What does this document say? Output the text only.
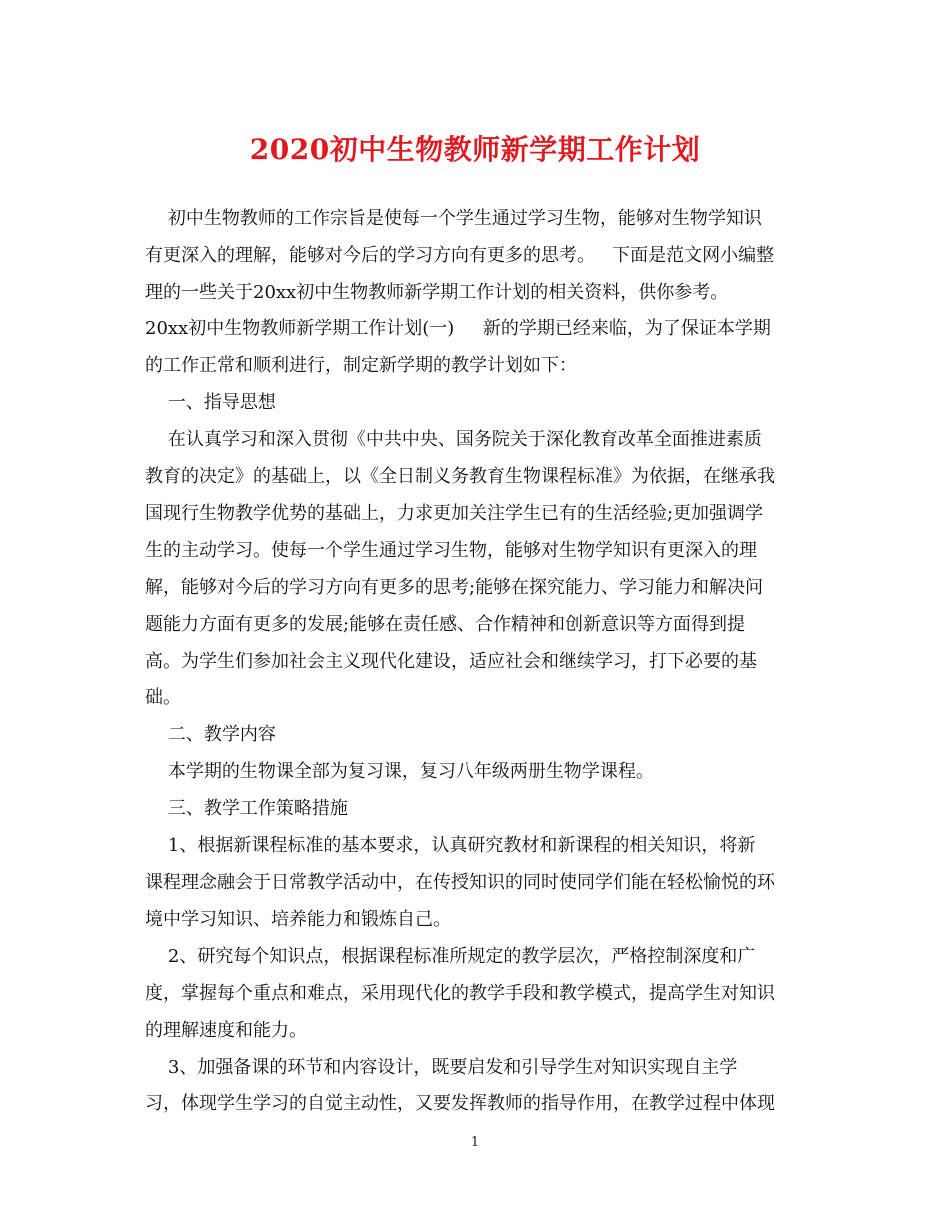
2020初中生物教师新学期工作计划
初中生物教师的工作宗旨是使每一个学生通过学习生物，能够对生物学知识
有更深入的理解，能够对今后的学习方向有更多的思考。   下面是范文网小编整
理的一些关于20xx初中生物教师新学期工作计划的相关资料，供你参考。
20xx初中生物教师新学期工作计划(一)     新的学期已经来临，为了保证本学期
的工作正常和顺利进行，制定新学期的教学计划如下：
一、指导思想
在认真学习和深入贯彻《中共中央、国务院关于深化教育改革全面推进素质
教育的决定》的基础上，以《全日制义务教育生物课程标准》为依据，在继承我
国现行生物教学优势的基础上，力求更加关注学生已有的生活经验;更加强调学
生的主动学习。使每一个学生通过学习生物，能够对生物学知识有更深入的理
解，能够对今后的学习方向有更多的思考;能够在探究能力、学习能力和解决问
题能力方面有更多的发展;能够在责任感、合作精神和创新意识等方面得到提
高。为学生们参加社会主义现代化建设，适应社会和继续学习，打下必要的基
础。
二、教学内容
本学期的生物课全部为复习课，复习八年级两册生物学课程。
三、教学工作策略措施
1、根据新课程标准的基本要求，认真研究教材和新课程的相关知识，将新
课程理念融会于日常教学活动中，在传授知识的同时使同学们能在轻松愉悦的环
境中学习知识、培养能力和锻炼自己。
2、研究每个知识点，根据课程标准所规定的教学层次，严格控制深度和广
度，掌握每个重点和难点，采用现代化的教学手段和教学模式，提高学生对知识
的理解速度和能力。
3、加强备课的环节和内容设计，既要启发和引导学生对知识实现自主学
习，体现学生学习的自觉主动性，又要发挥教师的指导作用，在教学过程中体现
1
